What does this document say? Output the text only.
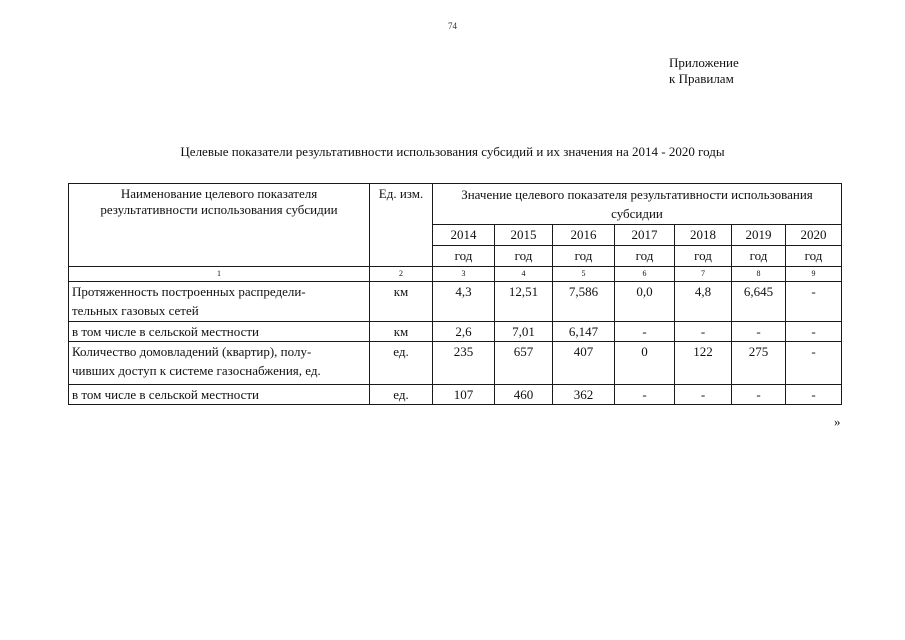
74
Приложение
к Правилам
Целевые показатели результативности использования субсидий и их значения на 2014 - 2020 годы
Наименование целевого показателя результативности использования субсидии	Ед. изм.	Значение целевого показателя результативности использования субсидии						
		2014	2015	2016	2017	2018	2019	2020
		год	год	год	год	год	год	год
1	2	3	4	5	6	7	8	9

Протяженность построенных распредели-
тельных газовых сетей	км	4,3	12,51	7,586	0,0	4,8	6,645	-

в том числе в сельской местности	км	2,6	7,01	6,147	-	-	-	-

Количество домовладений (квартир), полу-
чивших доступ к системе газоснабжения, ед.	ед.	235	657	407	0	122	275	-

в том числе в сельской местности	ед.	107	460	362	-	-	-	-
»
